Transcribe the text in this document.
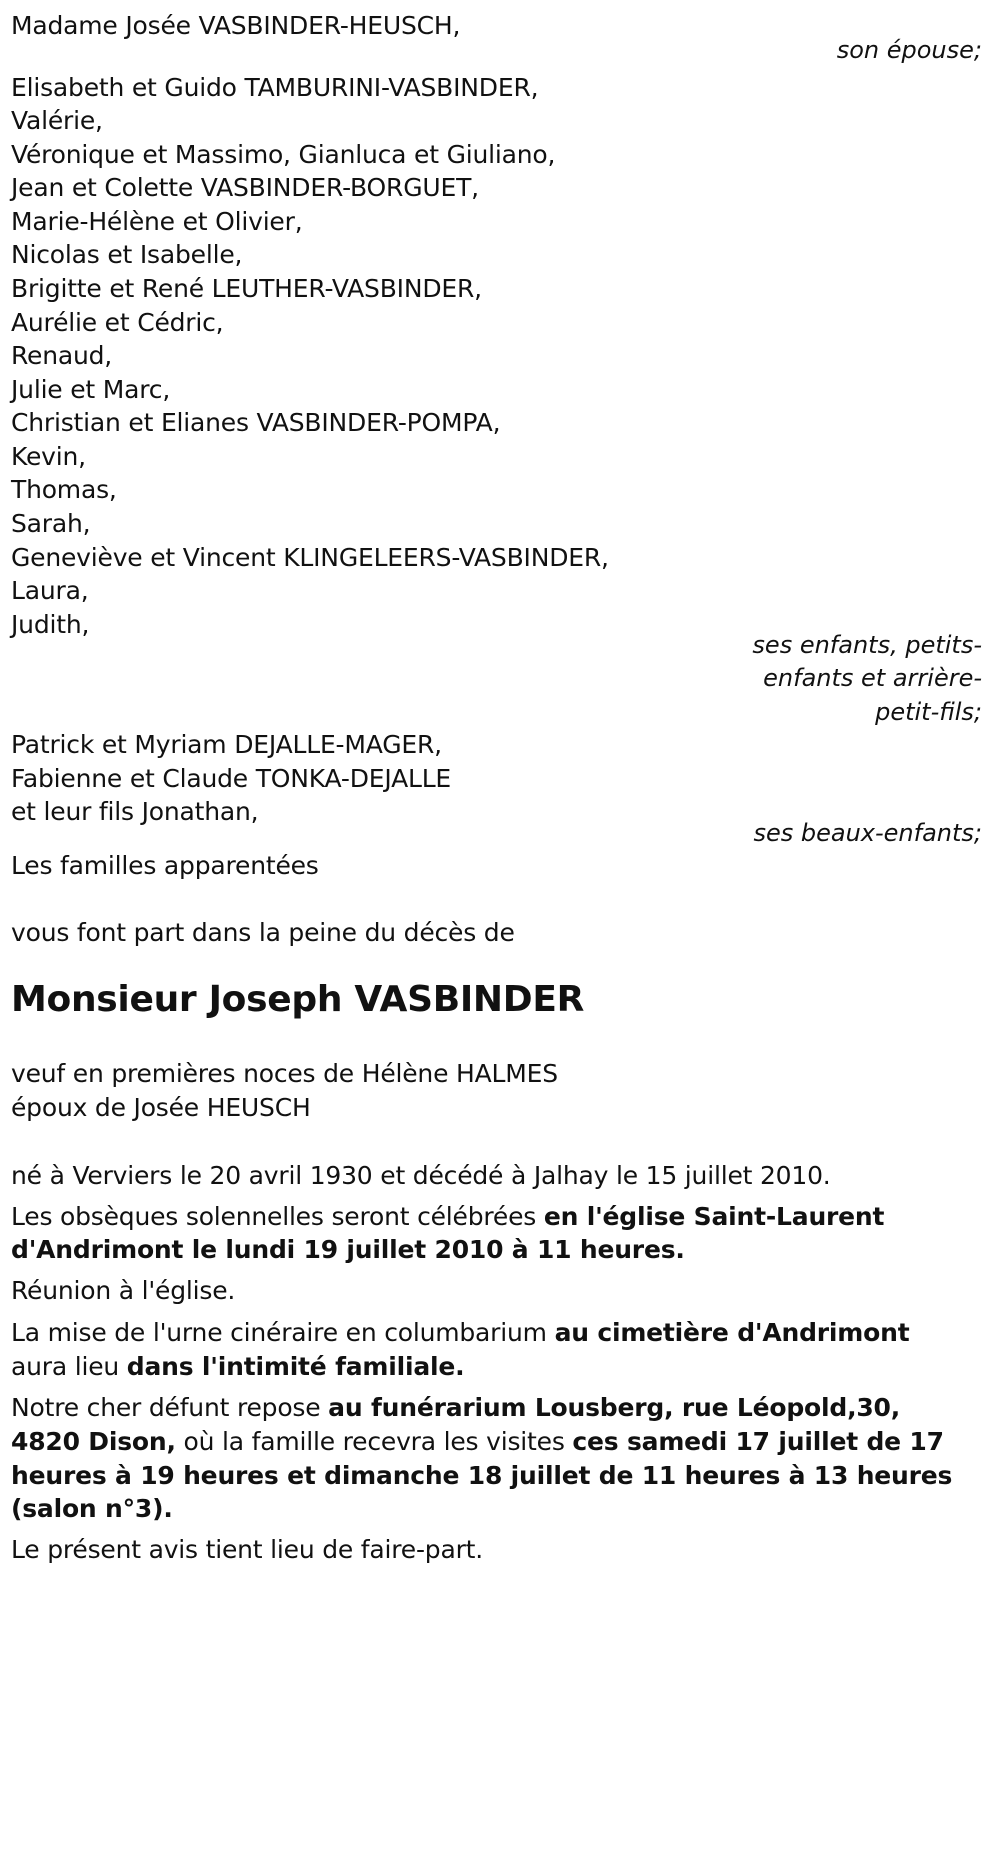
Madame Josée VASBINDER-HEUSCH,
son épouse;
Elisabeth et Guido TAMBURINI-VASBINDER,
Valérie,
Véronique et Massimo, Gianluca et Giuliano,
Jean et Colette VASBINDER-BORGUET,
Marie-Hélène et Olivier,
Nicolas et Isabelle,
Brigitte et René LEUTHER-VASBINDER,
Aurélie et Cédric,
Renaud,
Julie et Marc,
Christian et Elianes VASBINDER-POMPA,
Kevin,
Thomas,
Sarah,
Geneviève et Vincent KLINGELEERS-VASBINDER,
Laura,
Judith,
ses enfants, petits-
enfants et arrière-
petit-fils;
Patrick et Myriam DEJALLE-MAGER,
Fabienne et Claude TONKA-DEJALLE
et leur fils Jonathan,
ses beaux-enfants;
Les familles apparentées
vous font part dans la peine du décès de
Monsieur Joseph VASBINDER
veuf en premières noces de Hélène HALMES
époux de Josée HEUSCH
né à Verviers le 20 avril 1930 et décédé à Jalhay le 15 juillet 2010.
Les obsèques solennelles seront célébrées en l'église Saint-Laurent
d'Andrimont le lundi 19 juillet 2010 à 11 heures.
Réunion à l'église.
La mise de l'urne cinéraire en columbarium au cimetière d'Andrimont
aura lieu dans l'intimité familiale.
Notre cher défunt repose au funérarium Lousberg, rue Léopold,30,
4820 Dison, où la famille recevra les visites ces samedi 17 juillet de 17
heures à 19 heures et dimanche 18 juillet de 11 heures à 13 heures
(salon n°3).
Le présent avis tient lieu de faire-part.
